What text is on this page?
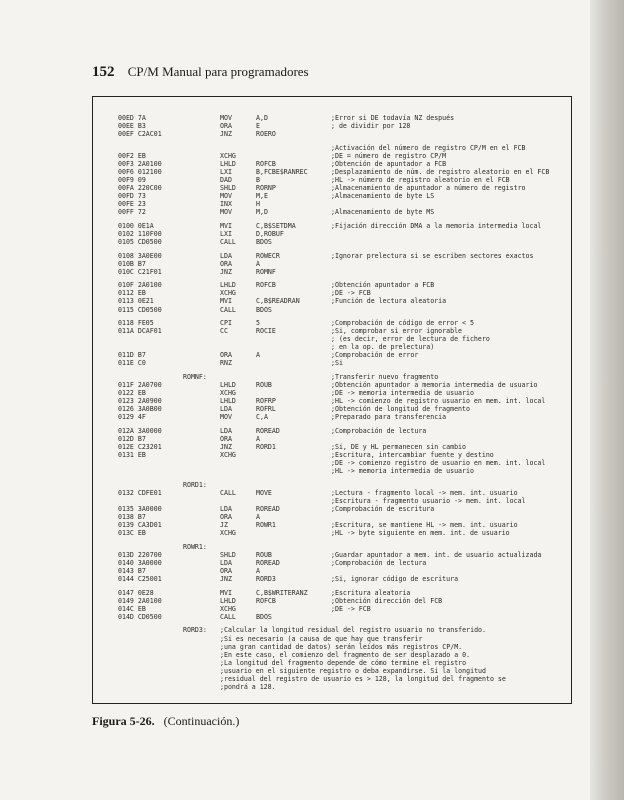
152 CP/M Manual para programadores
00ED 7A	MOV	A,D	;Error si DE todavía NZ después
00EE B3	ORA	E	; de dividir por 128
00EF C2AC01	JNZ	ROERO
;Activación del número de registro CP/M en el FCB
00F2 EB	XCHG	;DE = número de registro CP/M
00F3 2A0100	LHLD	ROFCB	;Obtención de apuntador a FCB
00F6 012100	LXI	B,FCBE$RANREC	;Desplazamiento de núm. de registro aleatorio en el FCB
00F9 09	DAD	B	;HL -> número de registro aleatorio en el FCB
00FA 220C00	SHLD	RORNP	;Almacenamiento de apuntador a número de registro
00FD 73	MOV	M,E	;Almacenamiento de byte LS
00FE 23	INX	H
00FF 72	MOV	M,D	;Almacenamiento de byte MS
0100 0E1A	MVI	C,B$SETDMA	;Fijación dirección DMA a la memoria intermedia local
0102 110F00	LXI	D,ROBUF
0105 CD0500	CALL	BDOS
0108 3A0E00	LDA	ROWECR	;Ignorar prelectura si se escriben sectores exactos
010B B7	ORA	A
010C C21F01	JNZ	ROMNF
010F 2A0100	LHLD	ROFCB	;Obtención apuntador a FCB
0112 EB	XCHG	;DE -> FCB
0113 0E21	MVI	C,B$READRAN	;Función de lectura aleatoria
0115 CD0500	CALL	BDOS
0118 FE05	CPI	5	;Comprobación de código de error < 5
011A DCAF01	CC	ROCIE	;Si, comprobar si error ignorable
; (es decir, error de lectura de fichero
; en la op. de prelectura)
011D B7	ORA	A	;Comprobación de error
011E C0	RNZ	;Si
ROMNF:	;Transferir nuevo fragmento
011F 2A0700	LHLD	ROUB	;Obtención apuntador a memoria intermedia de usuario
0122 EB	XCHG	;DE -> memoria intermedia de usuario
0123 2A0900	LHLD	ROFRP	;HL -> comienzo de registro usuario en mem. int. local
0126 3A0B00	LDA	ROFRL	;Obtención de longitud de fragmento
0129 4F	MOV	C,A	;Preparado para transferencia
012A 3A0000	LDA	ROREAD	;Comprobación de lectura
012D B7	ORA	A
012E C23201	JNZ	RORD1	;Si, DE y HL permanecen sin cambio
0131 EB	XCHG	;Escritura, intercambiar fuente y destino
;DE -> comienzo registro de usuario en mem. int. local
;HL -> memoria intermedia de usuario
RORD1:
0132 CDFE01	CALL	MOVE	;Lectura - fragmento local -> mem. int. usuario
;Escritura - fragmento usuario -> mem. int. local
0135 3A0000	LDA	ROREAD	;Comprobación de escritura
0138 B7	ORA	A
0139 CA3D01	JZ	ROWR1	;Escritura, se mantiene HL -> mem. int. usuario
013C EB	XCHG	;HL -> byte siguiente en mem. int. de usuario
ROWR1:
013D 220700	SHLD	ROUB	;Guardar apuntador a mem. int. de usuario actualizada
0140 3A0000	LDA	ROREAD	;Comprobación de lectura
0143 B7	ORA	A
0144 C25001	JNZ	RORD3	;Si, ignorar código de escritura
0147 0E28	MVI	C,B$WRITERANZ	;Escritura aleatoria
0149 2A0100	LHLD	ROFCB	;Obtención dirección del FCB
014C EB	XCHG	;DE -> FCB
014D CD0500	CALL	BDOS
RORD3: ;Calcular la longitud residual del registro usuario no transferido.
;Si es necesario (a causa de que hay que transferir
;una gran cantidad de datos) serán leídos más registros CP/M.
;En este caso, el comienzo del fragmento de ser desplazado a 0.
;La longitud del fragmento depende de cómo termine el registro
;usuario en el siguiente registro o deba expandirse. Si la longitud
;residual del registro de usuario es > 128, la longitud del fragmento se
;pondrá a 128.
Figura 5-26. (Continuación.)
